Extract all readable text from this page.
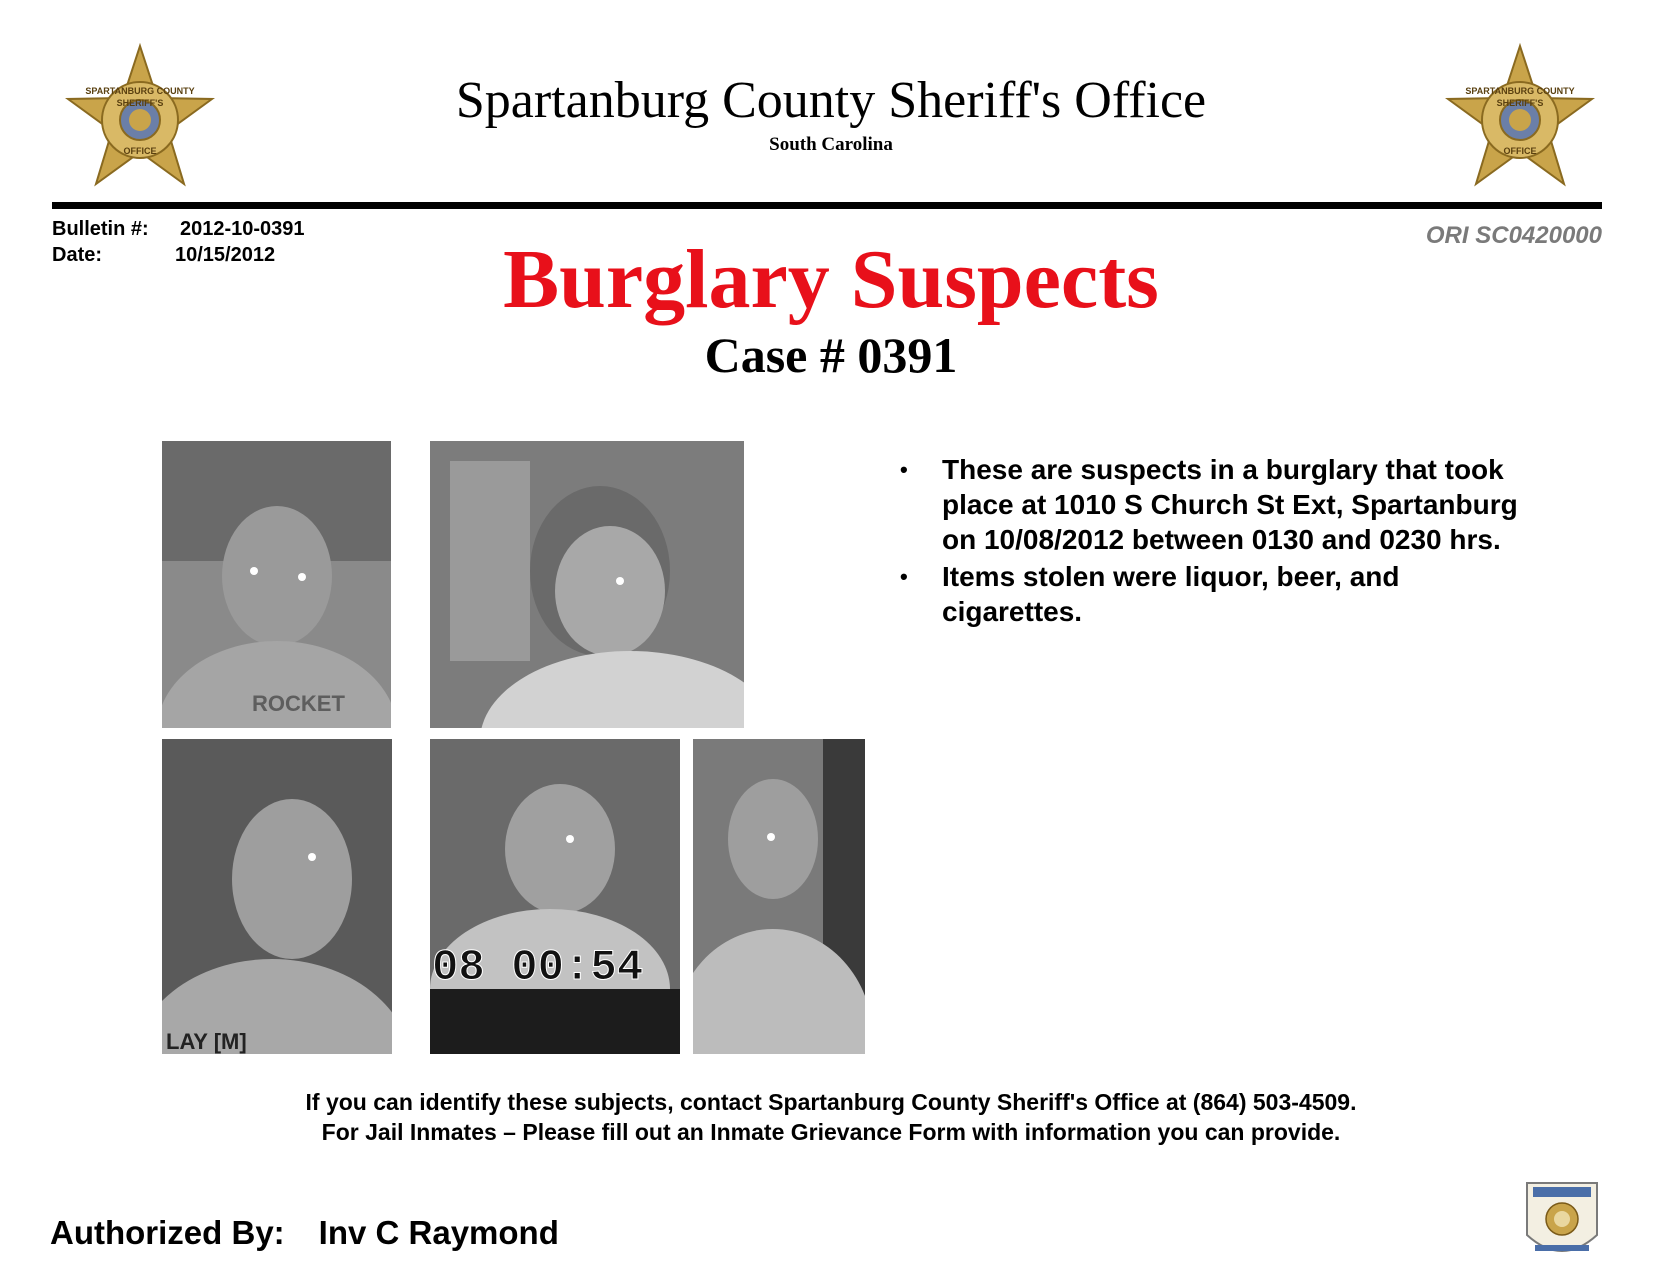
SPARTANBURG COUNTY
SHERIFF'S
OFFICE
SPARTANBURG COUNTY
SHERIFF'S
OFFICE
Spartanburg County Sheriff's Office
South Carolina
Bulletin #: 2012-10-0391
Date:	10/15/2012
ORI SC0420000
Burglary Suspects
Case # 0391
ROCKET
LAY [M]
08 00:54
• These are suspects in a burglary that took place at 1010 S Church St Ext, Spartanburg on 10/08/2012 between 0130 and 0230 hrs.
• Items stolen were liquor, beer, and cigarettes.
If you can identify these subjects, contact Spartanburg County Sheriff's Office at (864) 503-4509.
For Jail Inmates – Please fill out an Inmate Grievance Form with information you can provide.
Authorized By: Inv C Raymond
